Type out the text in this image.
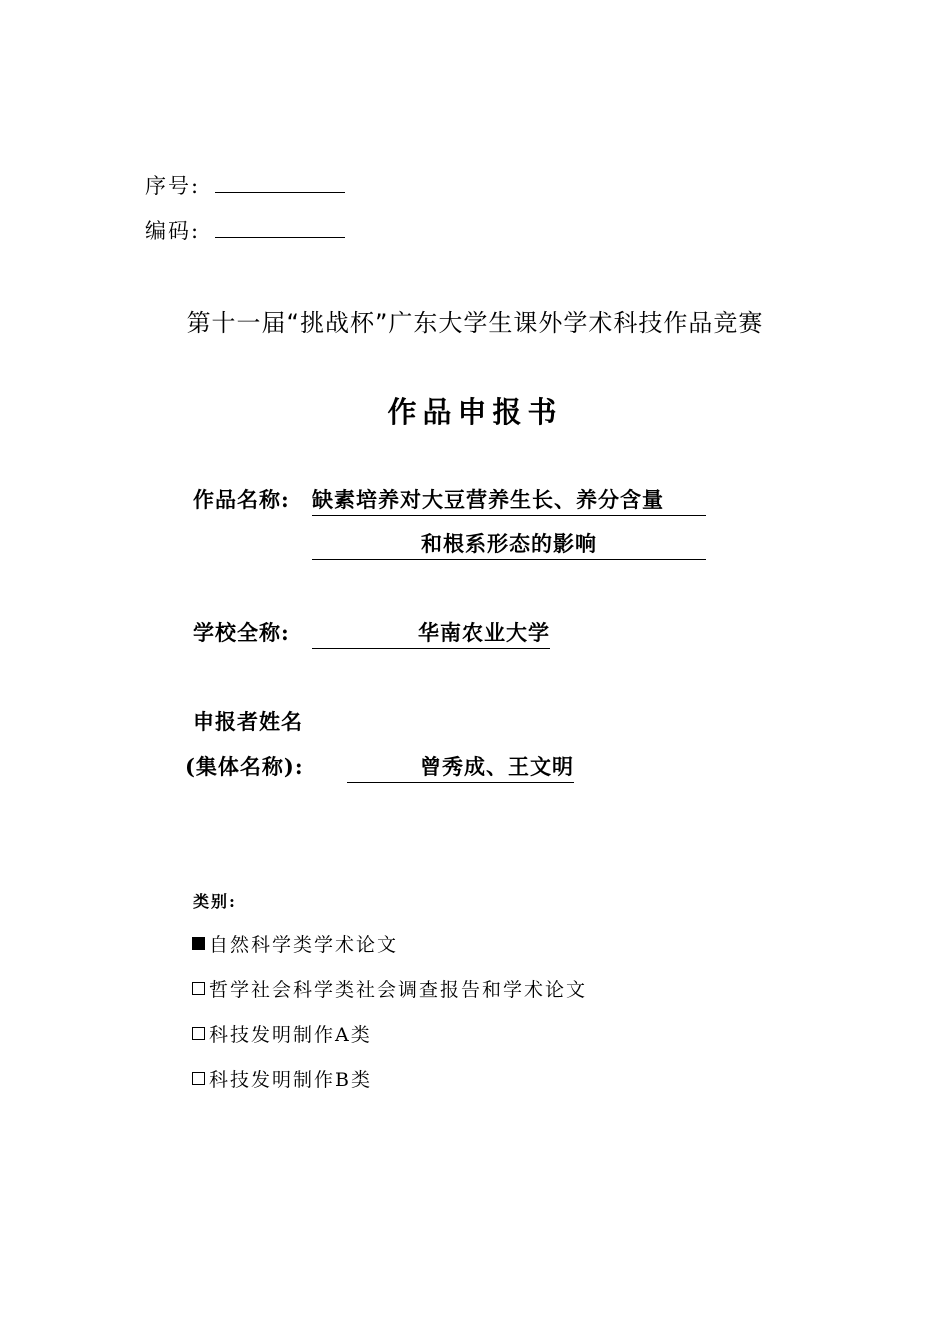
序号:
编码:
第十一届“挑战杯”广东大学生课外学术科技作品竞赛
作品申报书
作品名称: 缺素培养对大豆营养生长、养分含量
和根系形态的影响
学校全称:	华南农业大学
申报者姓名
(集体名称):	曾秀成、王文明
类别:
自然科学类学术论文
哲学社会科学类社会调查报告和学术论文
科技发明制作A类
科技发明制作B类
